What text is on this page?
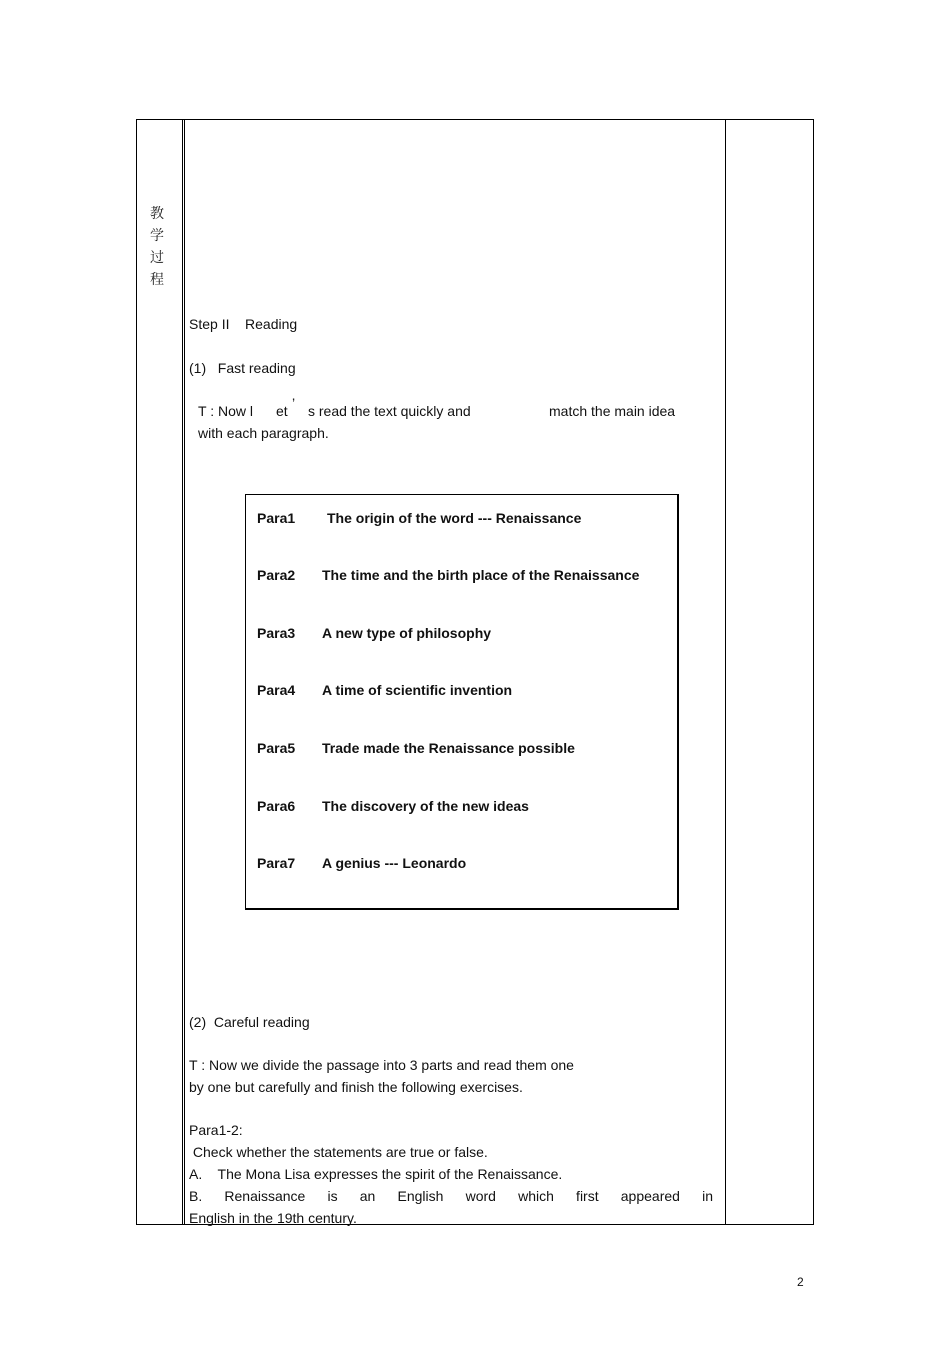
教
学
过
程
Step II    Reading
(1)   Fast reading
T : Now l et ’ s read the text quickly and	match the main idea
with each paragraph.
Para1 The origin of the word --- Renaissance
Para2 The time and the birth place of the Renaissance
Para3 A new type of philosophy
Para4 A time of scientific invention
Para5 Trade made the Renaissance possible
Para6 The discovery of the new ideas
Para7 A genius --- Leonardo
(2)  Careful reading
T : Now we divide the passage into 3 parts and read them one
by one but carefully and finish the following exercises.
Para1-2:
Check whether the statements are true or false.
A.    The Mona Lisa expresses the spirit of the Renaissance.
B. Renaissance is an English word which first appeared in
English in the 19th century.
2
